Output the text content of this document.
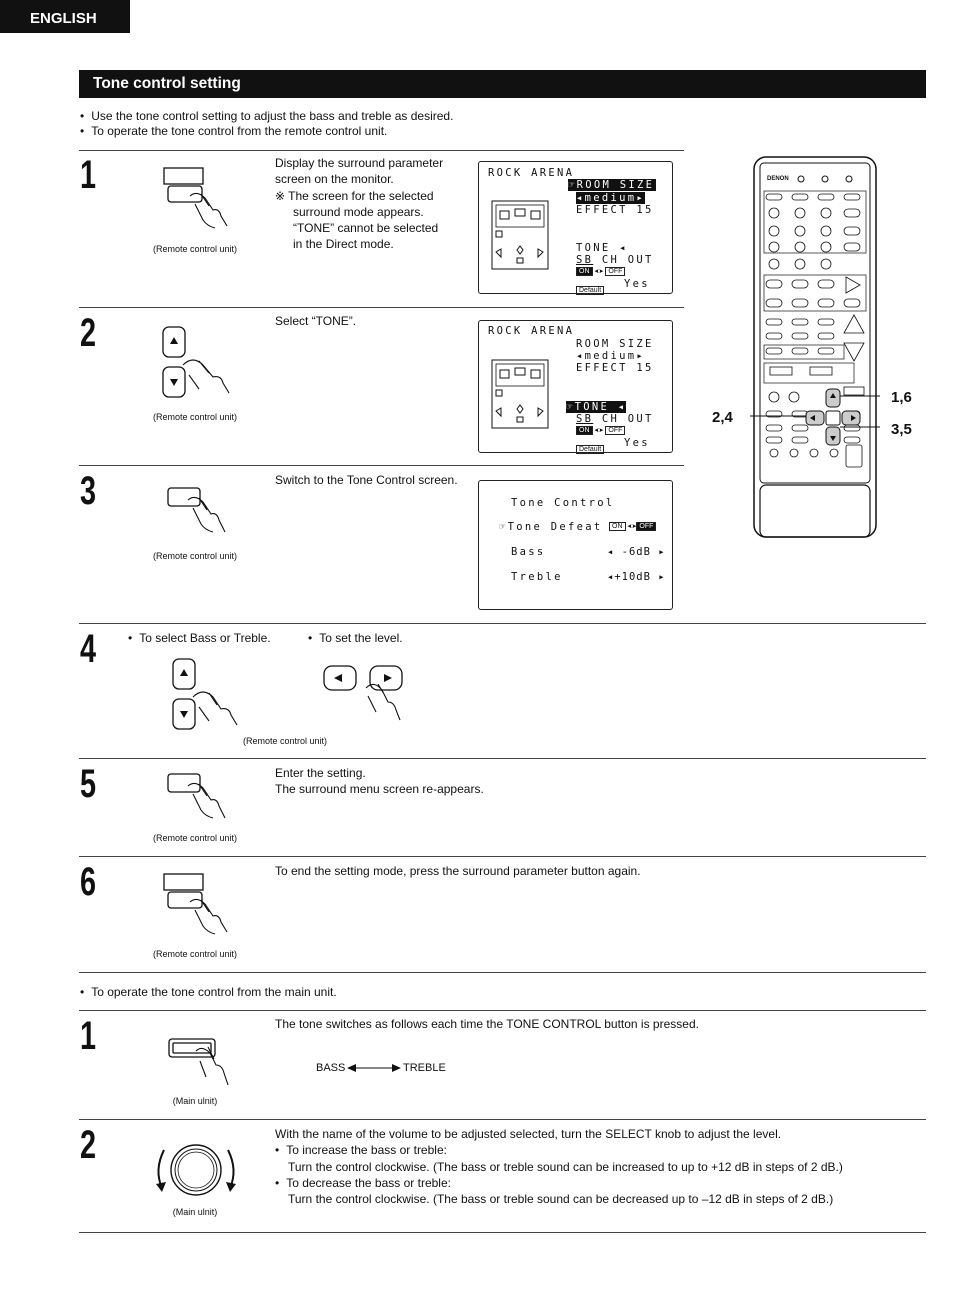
ENGLISH
Tone control setting
• Use the tone control setting to adjust the bass and treble as desired.
• To operate the tone control from the remote control unit.
1
(Remote control unit)
Display the surround parameter
screen on the monitor.
※ The screen for the selected
surround mode appears.
“TONE” cannot be selected
in the Direct mode.
ROCK ARENA
☞ROOM SIZE
◂medium▸
EFFECT 15
TONE ◂
SB CH OUT
ON ◂:▸ OFF
Default
Yes
2
(Remote control unit)
Select “TONE”.
ROCK ARENA
ROOM SIZE
◂medium▸
EFFECT 15
☞TONE ◂
SB CH OUT
ON ◂:▸ OFF
Default
Yes
3
(Remote control unit)
Switch to the Tone Control screen.
Tone Control
☞Tone Defeat	ON ◂:▸ OFF
Bass	◂ -6dB ▸
Treble	◂+10dB ▸
4	• To select Bass or Treble.	• To set the level.
(Remote control unit)
5
(Remote control unit)
Enter the setting.
The surround menu screen re-appears.
6
(Remote control unit)
To end the setting mode, press the surround parameter button again.
• To operate the tone control from the main unit.
1
(Main ulnit)
The tone switches as follows each time the TONE CONTROL button is pressed.
BASS	TREBLE
2
(Main ulnit)
With the name of the volume to be adjusted selected, turn the SELECT knob to adjust the level.
• To increase the bass or treble:
Turn the control clockwise. (The bass or treble sound can be increased to up to +12 dB in steps of 2 dB.)
• To decrease the bass or treble:
Turn the control clockwise. (The bass or treble sound can be decreased up to –12 dB in steps of 2 dB.)
DENON
1,6
2,4
3,5
